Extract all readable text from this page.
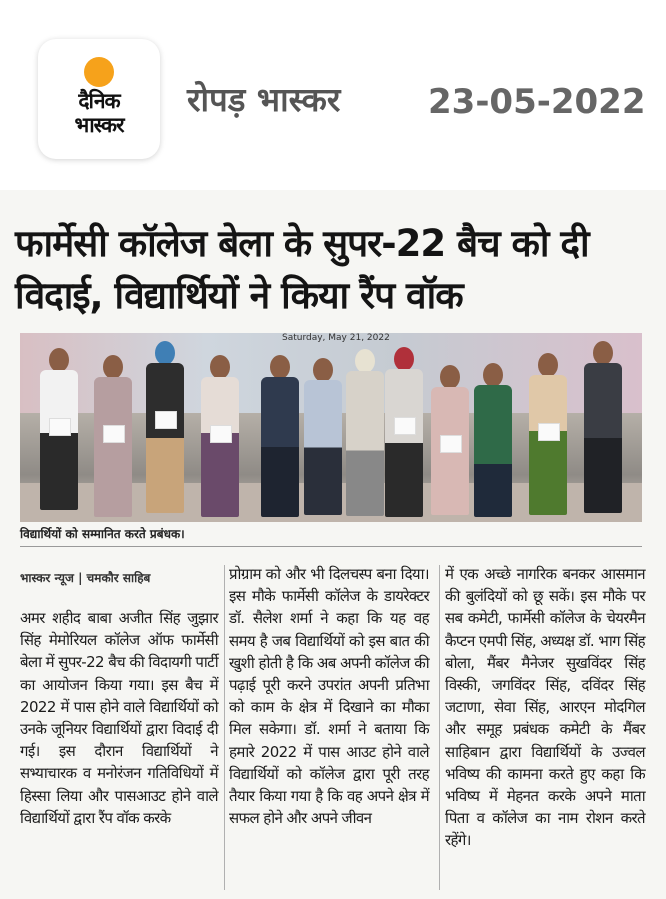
दैनिक
भास्कर
रोपड़ भास्कर	23-05-2022
फार्मेसी कॉलेज बेला के सुपर-22 बैच को दी विदाई, विद्यार्थियों ने किया रैंप वॉक
Saturday, May 21, 2022
विद्यार्थियों को सम्मानित करते प्रबंधक।
भास्कर न्यूज | चमकौर साहिब
अमर शहीद बाबा अजीत सिंह जुझार सिंह मेमोरियल कॉलेज ऑफ फार्मेसी बेला में सुपर-22 बैच की विदायगी पार्टी का आयोजन किया गया। इस बैच में 2022 में पास होने वाले विद्यार्थियों को उनके जूनियर विद्यार्थियों द्वारा विदाई दी गई। इस दौरान विद्यार्थियों ने सभ्याचारक व मनोरंजन गतिविधियों में हिस्सा लिया और पासआउट होने वाले विद्यार्थियों द्वारा रैंप वॉक करके
प्रोग्राम को और भी दिलचस्प बना दिया। इस मौके फार्मेसी कॉलेज के डायरेक्टर डॉ. सैलेश शर्मा ने कहा कि यह वह समय है जब विद्यार्थियों को इस बात की खुशी होती है कि अब अपनी कॉलेज की पढ़ाई पूरी करने उपरांत अपनी प्रतिभा को काम के क्षेत्र में दिखाने का मौका मिल सकेगा। डॉ. शर्मा ने बताया कि हमारे 2022 में पास आउट होने वाले विद्यार्थियों को कॉलेज द्वारा पूरी तरह तैयार किया गया है कि वह अपने क्षेत्र में सफल होने और अपने जीवन
में एक अच्छे नागरिक बनकर आसमान की बुलंदियों को छू सकें। इस मौके पर सब कमेटी, फार्मेसी कॉलेज के चेयरमैन कैप्टन एमपी सिंह, अध्यक्ष डॉ. भाग सिंह बोला, मैंबर मैनेजर सुखविंदर सिंह विस्की, जगविंदर सिंह, दविंदर सिंह जटाणा, सेवा सिंह, आरएन मोदगिल और समूह प्रबंधक कमेटी के मैंबर साहिबान द्वारा विद्यार्थियों के उज्वल भविष्य की कामना करते हुए कहा कि भविष्य में मेहनत करके अपने माता पिता व कॉलेज का नाम रोशन करते रहेंगे।
